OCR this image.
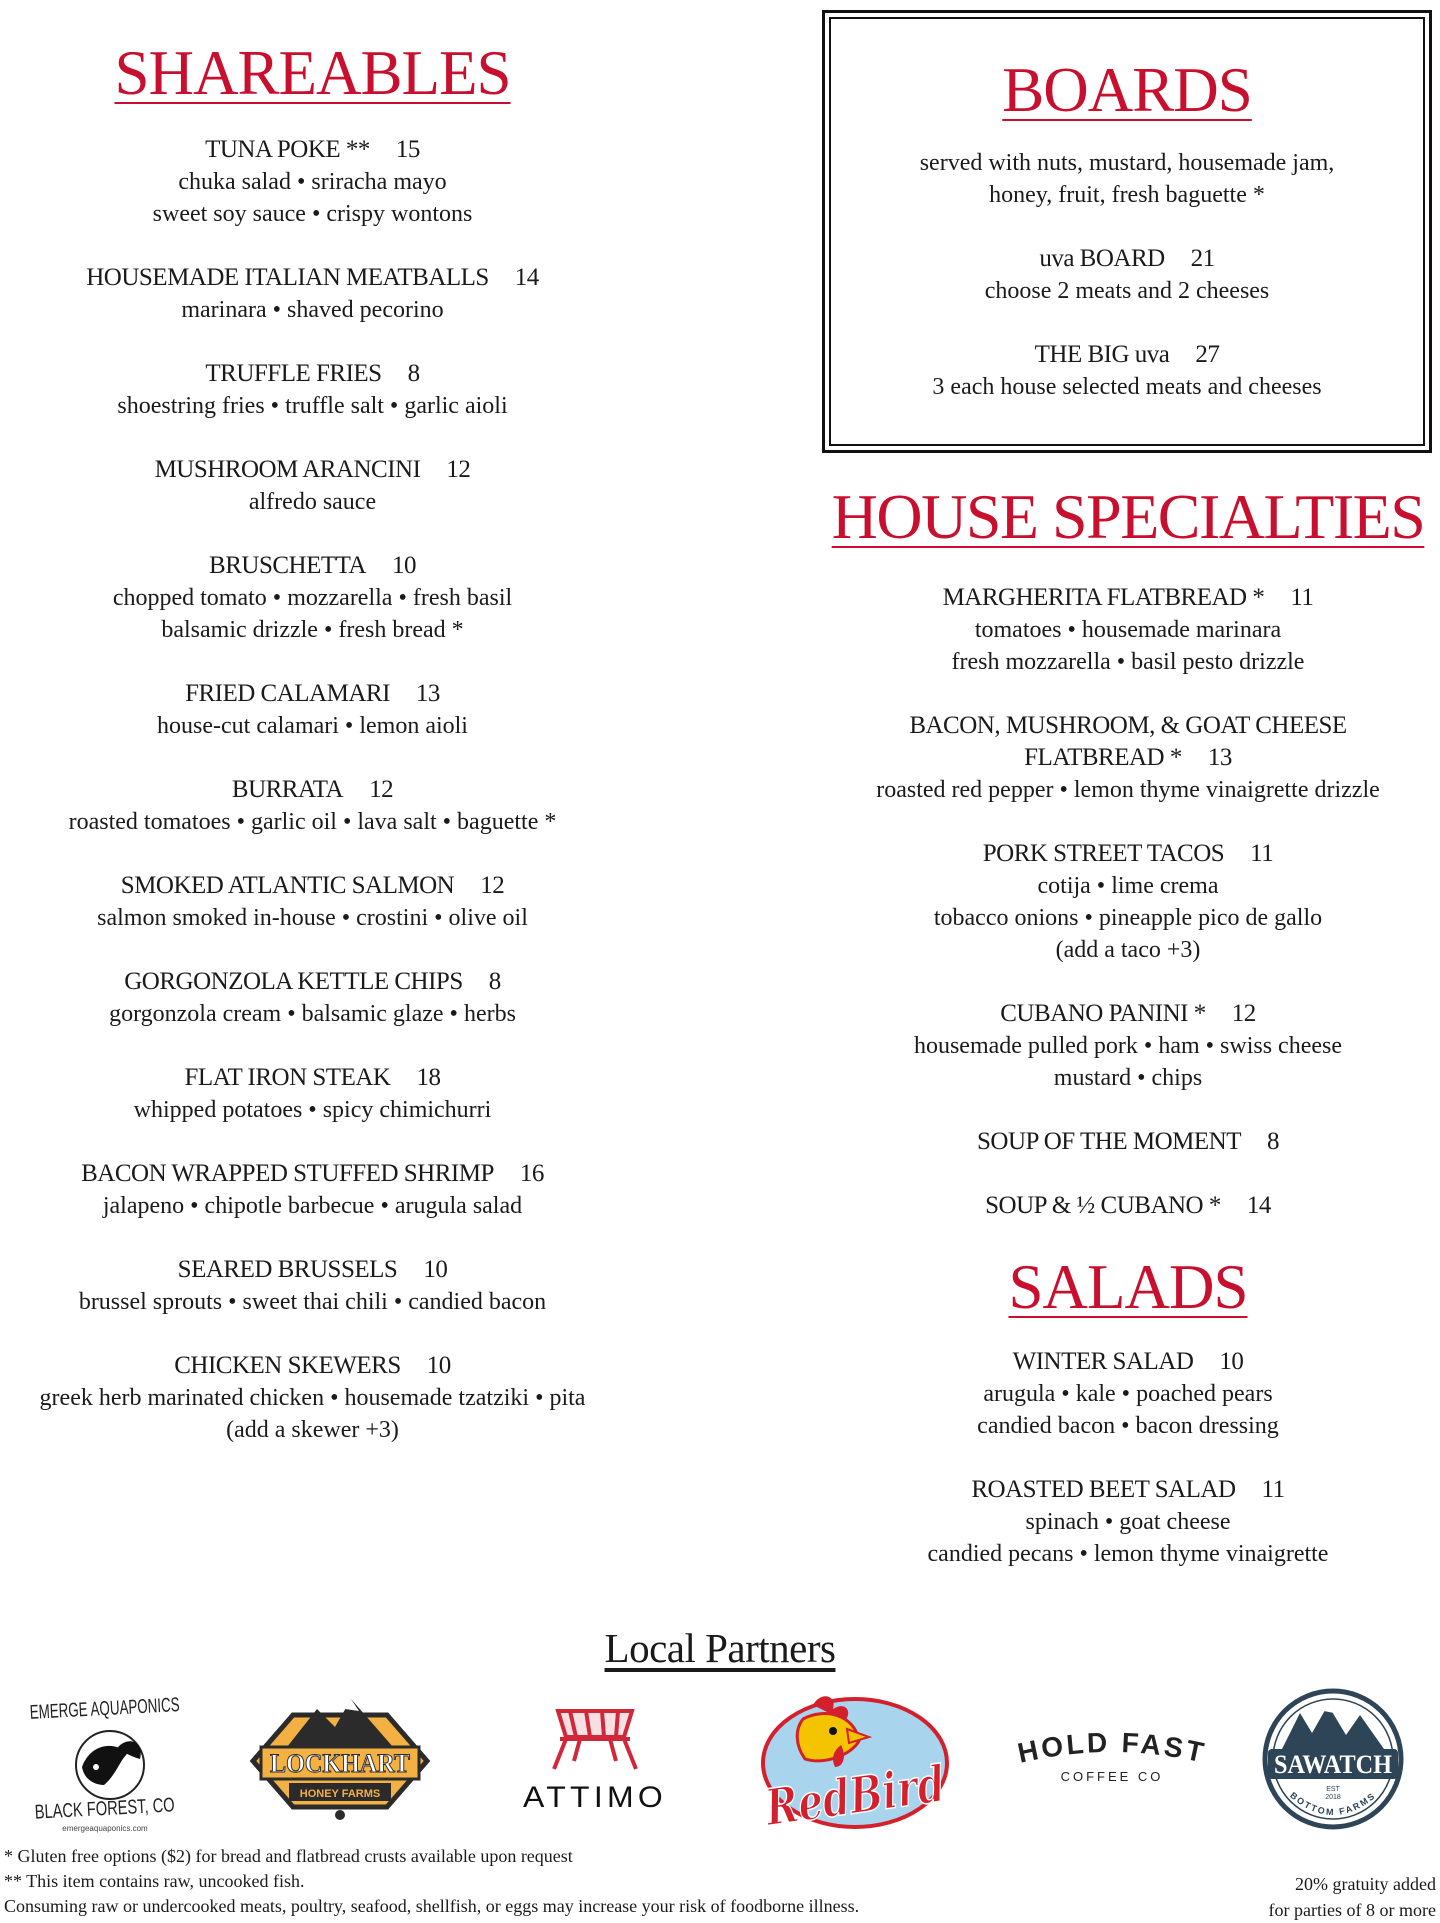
SHAREABLES
TUNA POKE ** 15
chuka salad • sriracha mayo
sweet soy sauce • crispy wontons
HOUSEMADE ITALIAN MEATBALLS 14
marinara • shaved pecorino
TRUFFLE FRIES 8
shoestring fries • truffle salt • garlic aioli
MUSHROOM ARANCINI 12
alfredo sauce
BRUSCHETTA 10
chopped tomato • mozzarella • fresh basil
balsamic drizzle • fresh bread *
FRIED CALAMARI 13
house-cut calamari • lemon aioli
BURRATA 12
roasted tomatoes • garlic oil • lava salt • baguette *
SMOKED ATLANTIC SALMON 12
salmon smoked in-house • crostini • olive oil
GORGONZOLA KETTLE CHIPS 8
gorgonzola cream • balsamic glaze • herbs
FLAT IRON STEAK 18
whipped potatoes • spicy chimichurri
BACON WRAPPED STUFFED SHRIMP 16
jalapeno • chipotle barbecue • arugula salad
SEARED BRUSSELS 10
brussel sprouts • sweet thai chili • candied bacon
CHICKEN SKEWERS 10
greek herb marinated chicken • housemade tzatziki • pita
(add a skewer +3)
BOARDS
served with nuts, mustard, housemade jam,
honey, fruit, fresh baguette *
uva BOARD 21
choose 2 meats and 2 cheeses
THE BIG uva 27
3 each house selected meats and cheeses
HOUSE SPECIALTIES
MARGHERITA FLATBREAD * 11
tomatoes • housemade marinara
fresh mozzarella • basil pesto drizzle
BACON, MUSHROOM, & GOAT CHEESE
FLATBREAD * 13
roasted red pepper • lemon thyme vinaigrette drizzle
PORK STREET TACOS 11
cotija • lime crema
tobacco onions • pineapple pico de gallo
(add a taco +3)
CUBANO PANINI * 12
housemade pulled pork • ham • swiss cheese
mustard • chips
SOUP OF THE MOMENT 8
SOUP & ½ CUBANO * 14
SALADS
WINTER SALAD 10
arugula • kale • poached pears
candied bacon • bacon dressing
ROASTED BEET SALAD 11
spinach • goat cheese
candied pecans • lemon thyme vinaigrette
Local Partners
EMERGE AQUAPONICS
BLACK FOREST, CO
emergeaquaponics.com
LOCKHART
HONEY FARMS	ATTIMO RedBird HOLD FAST
COFFEE CO	SAWATCH
EST
2018
BOTTOM FARMS
* Gluten free options ($2) for bread and flatbread crusts available upon request
** This item contains raw, uncooked fish.
Consuming raw or undercooked meats, poultry, seafood, shellfish, or eggs may increase your risk of foodborne illness.
20% gratuity added
for parties of 8 or more
